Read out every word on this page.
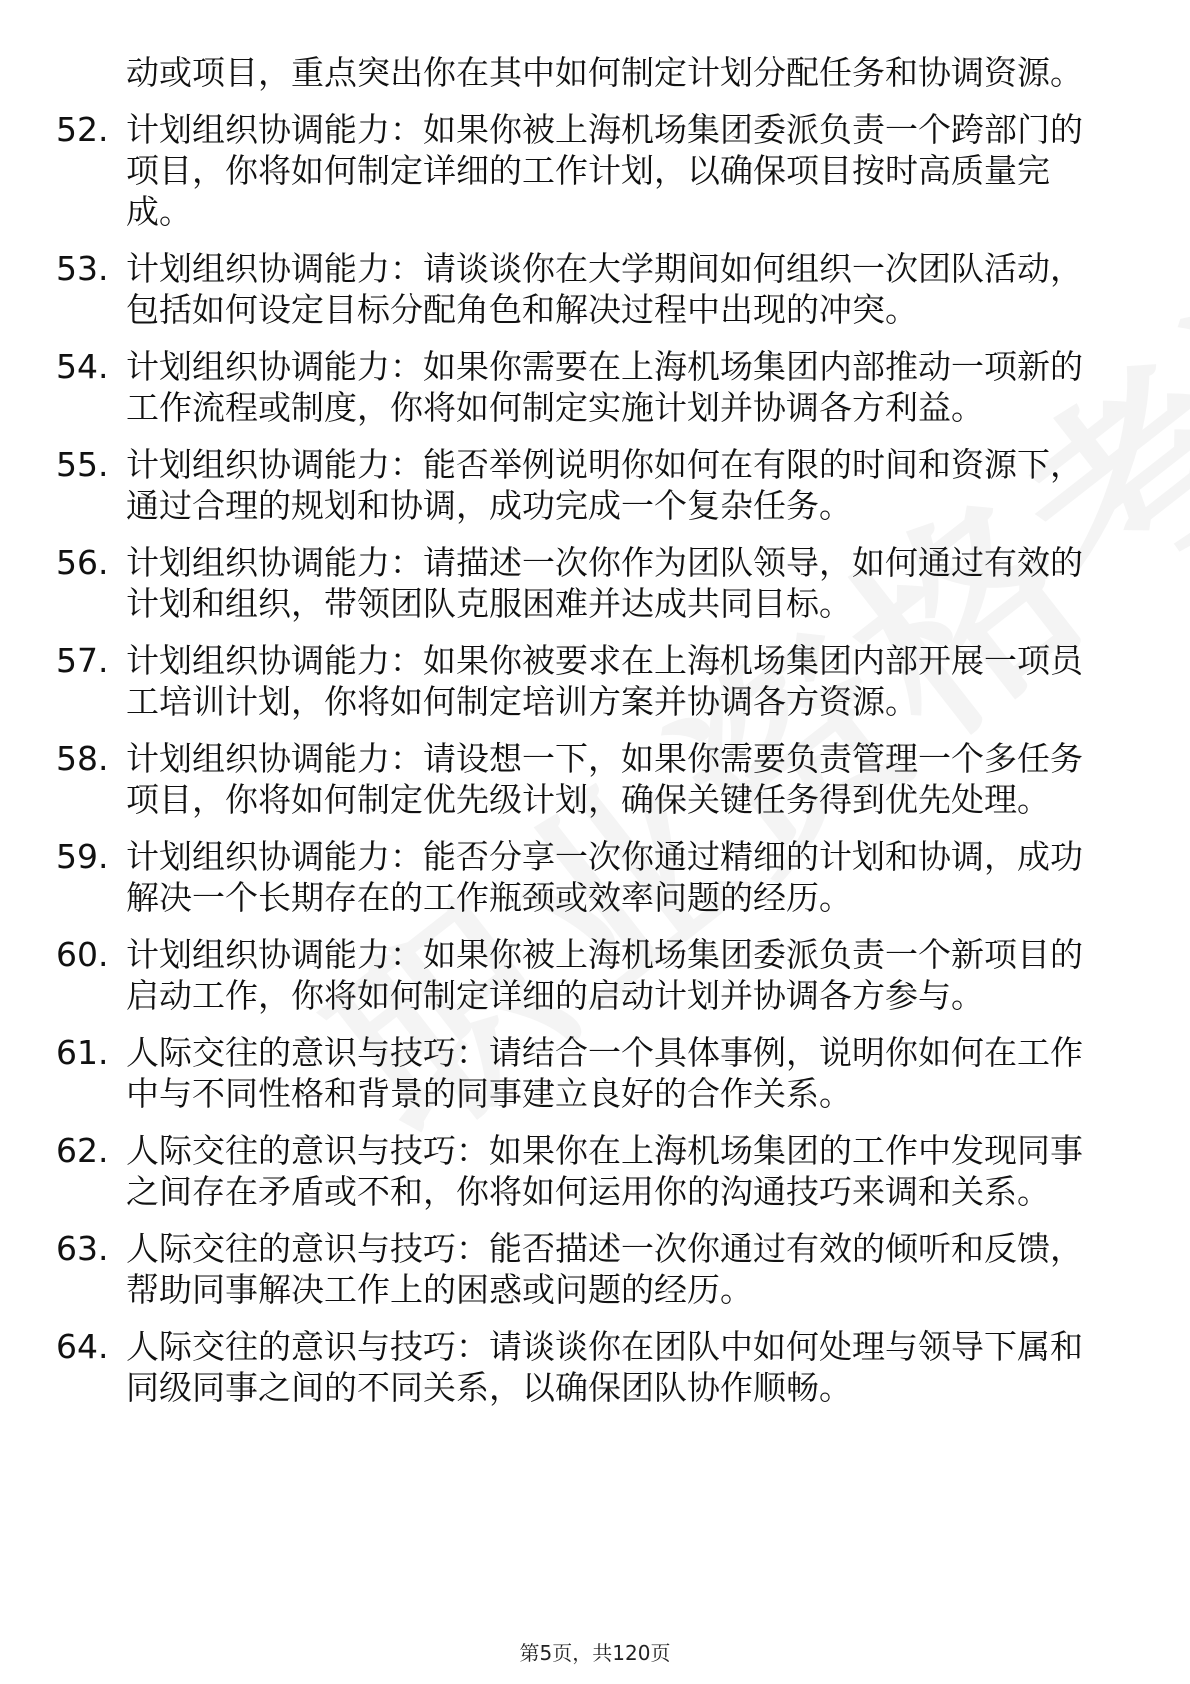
动或项目，重点突出你在其中如何制定计划分配任务和协调资源。
52. 计划组织协调能力：如果你被上海机场集团委派负责一个跨部门的项目，你将如何制定详细的工作计划，以确保项目按时高质量完成。
53. 计划组织协调能力：请谈谈你在大学期间如何组织一次团队活动，包括如何设定目标分配角色和解决过程中出现的冲突。
54. 计划组织协调能力：如果你需要在上海机场集团内部推动一项新的工作流程或制度，你将如何制定实施计划并协调各方利益。
55. 计划组织协调能力：能否举例说明你如何在有限的时间和资源下，通过合理的规划和协调，成功完成一个复杂任务。
56. 计划组织协调能力：请描述一次你作为团队领导，如何通过有效的计划和组织，带领团队克服困难并达成共同目标。
57. 计划组织协调能力：如果你被要求在上海机场集团内部开展一项员工培训计划，你将如何制定培训方案并协调各方资源。
58. 计划组织协调能力：请设想一下，如果你需要负责管理一个多任务项目，你将如何制定优先级计划，确保关键任务得到优先处理。
59. 计划组织协调能力：能否分享一次你通过精细的计划和协调，成功解决一个长期存在的工作瓶颈或效率问题的经历。
60. 计划组织协调能力：如果你被上海机场集团委派负责一个新项目的启动工作，你将如何制定详细的启动计划并协调各方参与。
61. 人际交往的意识与技巧：请结合一个具体事例，说明你如何在工作中与不同性格和背景的同事建立良好的合作关系。
62. 人际交往的意识与技巧：如果你在上海机场集团的工作中发现同事之间存在矛盾或不和，你将如何运用你的沟通技巧来调和关系。
63. 人际交往的意识与技巧：能否描述一次你通过有效的倾听和反馈，帮助同事解决工作上的困惑或问题的经历。
64. 人际交往的意识与技巧：请谈谈你在团队中如何处理与领导下属和同级同事之间的不同关系，以确保团队协作顺畅。
第5页，共120页
